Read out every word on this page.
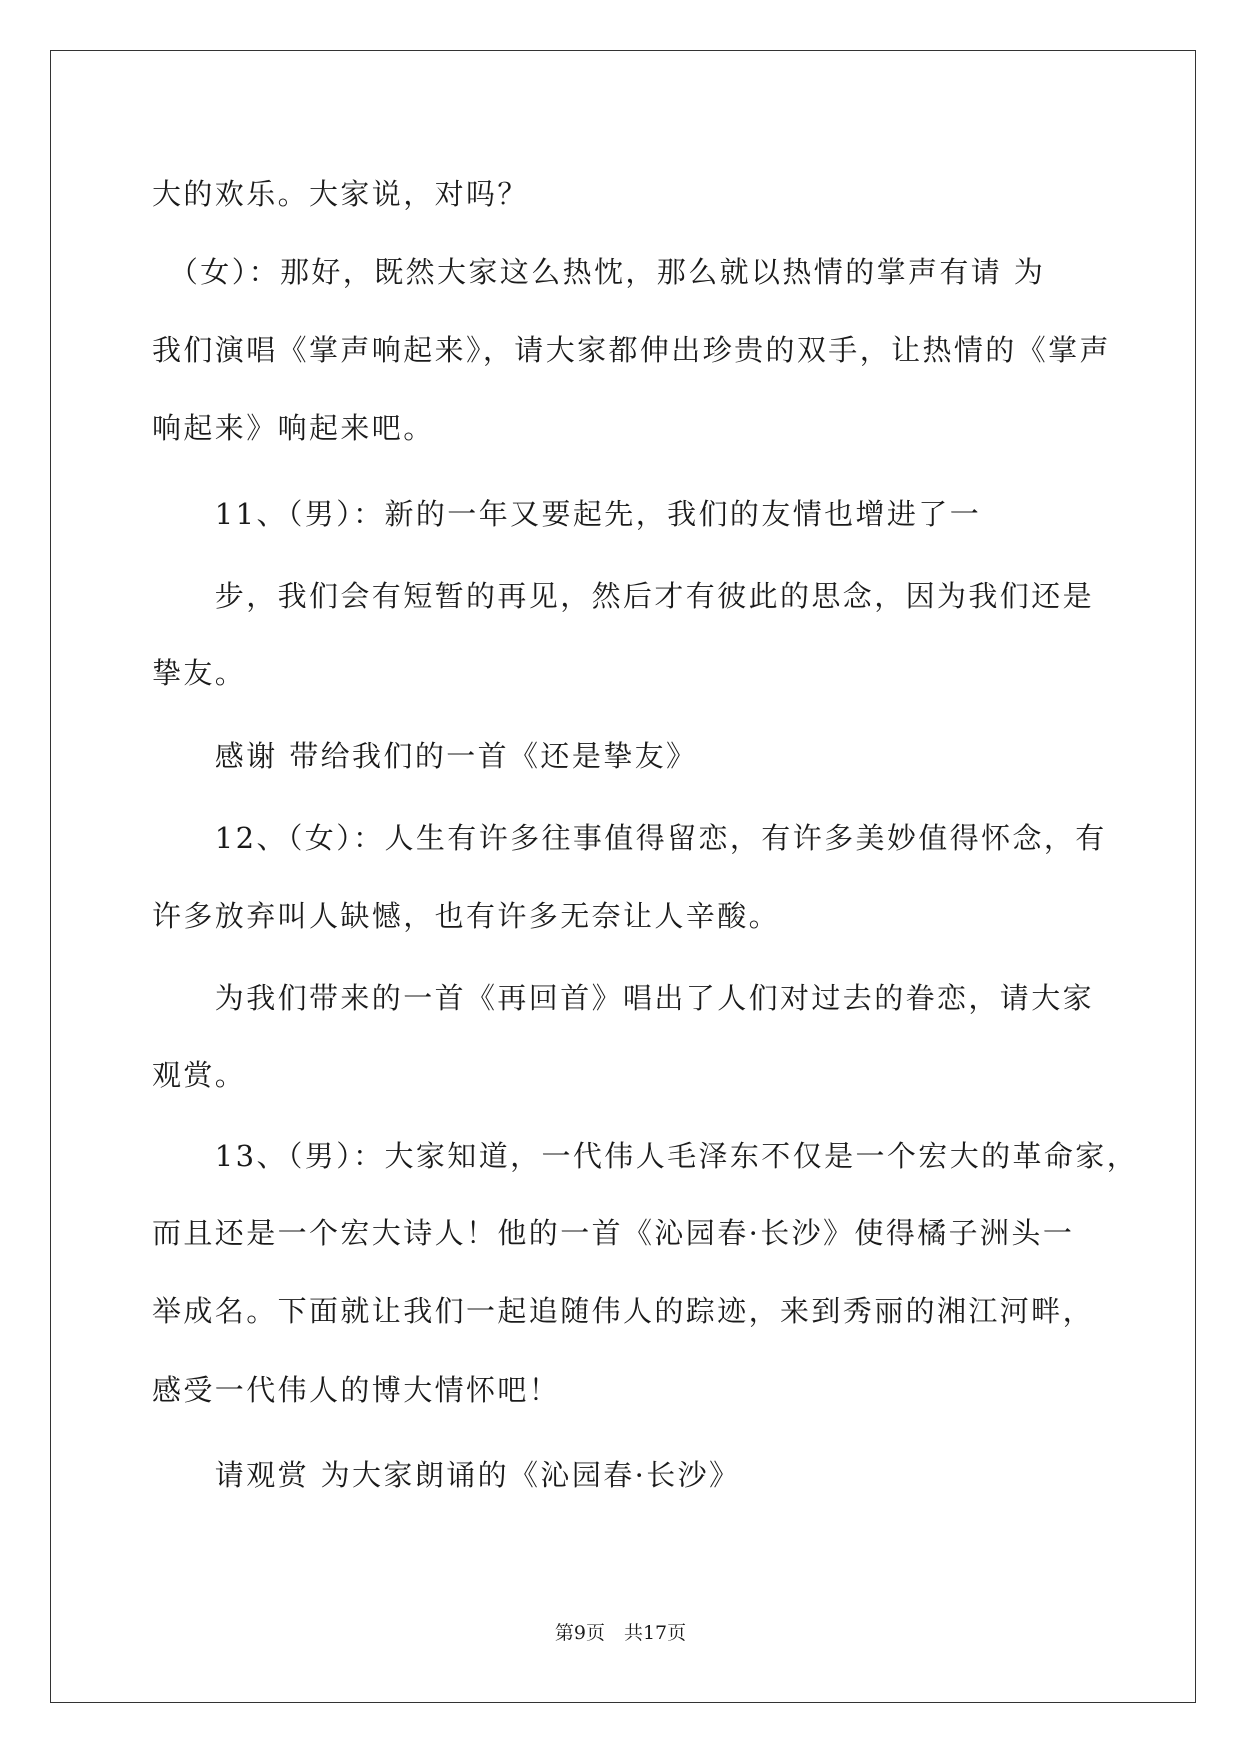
大的欢乐。大家说，对吗？

　（女）：那好，既然大家这么热忱，那么就以热情的掌声有请 为

我们演唱《掌声响起来》，请大家都伸出珍贵的双手，让热情的《掌声

响起来》响起来吧。

　　11、（男）：新的一年又要起先，我们的友情也增进了一

　　步，我们会有短暂的再见，然后才有彼此的思念，因为我们还是

挚友。

　　感谢 带给我们的一首《还是挚友》

　　12、（女）：人生有许多往事值得留恋，有许多美妙值得怀念，有

许多放弃叫人缺憾，也有许多无奈让人辛酸。

　　为我们带来的一首《再回首》唱出了人们对过去的眷恋，请大家

观赏。

　　13、（男）：大家知道，一代伟人毛泽东不仅是一个宏大的革命家，

而且还是一个宏大诗人！他的一首《沁园春·长沙》使得橘子洲头一

举成名。下面就让我们一起追随伟人的踪迹，来到秀丽的湘江河畔，

感受一代伟人的博大情怀吧！

　　请观赏 为大家朗诵的《沁园春·长沙》

第9页　共17页
